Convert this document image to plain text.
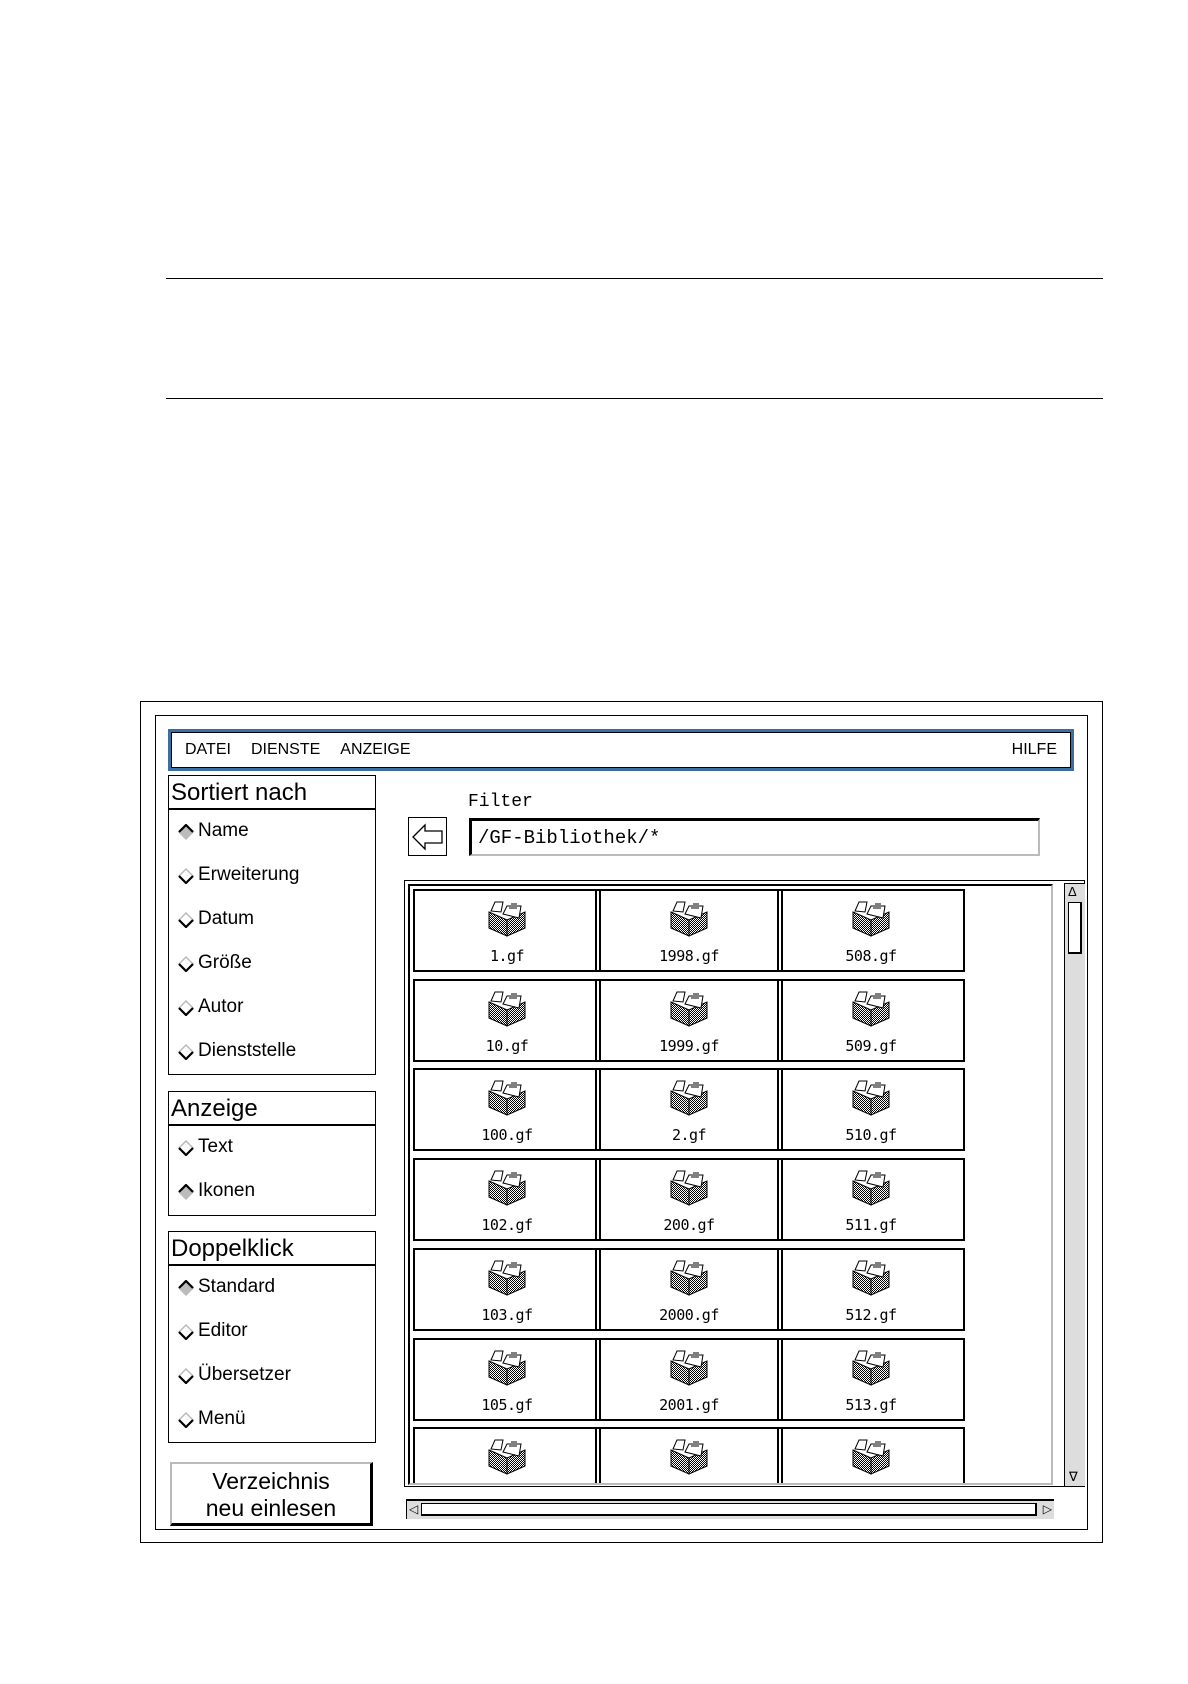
DATEI DIENSTE ANZEIGE	HILFE
Sortiert nach
Anzeige
Doppelklick
Name
Erweiterung
Datum
Größe
Autor
Dienststelle
Text
Ikonen
Standard
Editor
Übersetzer
Menü
Verzeichnis
neu einlesen
Filter
/GF-Bibliothek/*
1.gf	1998.gf	508.gf
10.gf	1999.gf	509.gf
100.gf	2.gf	510.gf
102.gf	200.gf	511.gf
103.gf	2000.gf	512.gf
105.gf	2001.gf	513.gf
Δ
∇
◁	▷
